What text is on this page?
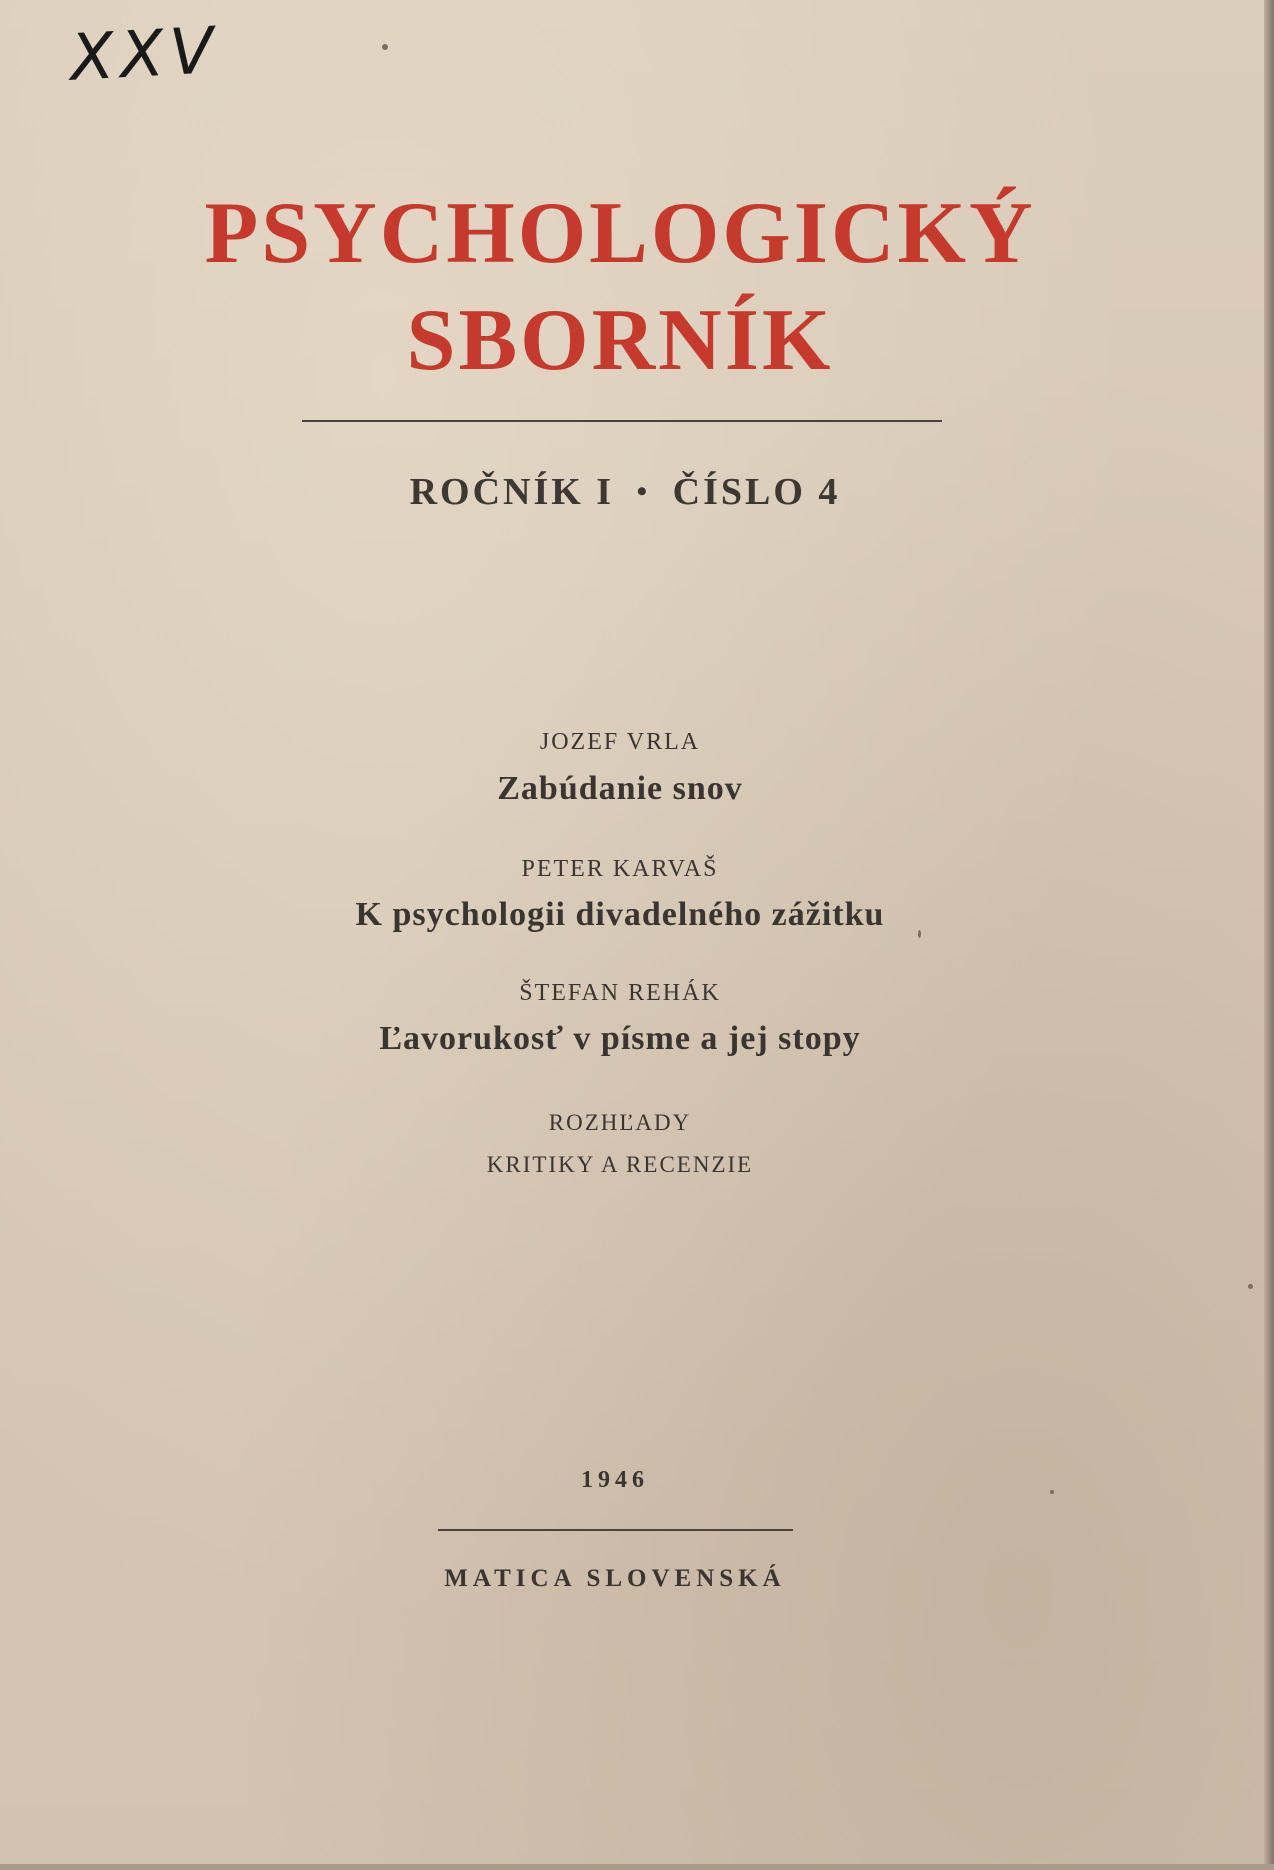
XXV
PSYCHOLOGICKÝ
SBORNÍK
ROČNÍK I • ČÍSLO 4
JOZEF VRLA
Zabúdanie snov
PETER KARVAŠ
K psychologii divadelného zážitku
ŠTEFAN REHÁK
Ľavorukosť v písme a jej stopy
ROZHĽADY
KRITIKY A RECENZIE
1946
MATICA SLOVENSKÁ
